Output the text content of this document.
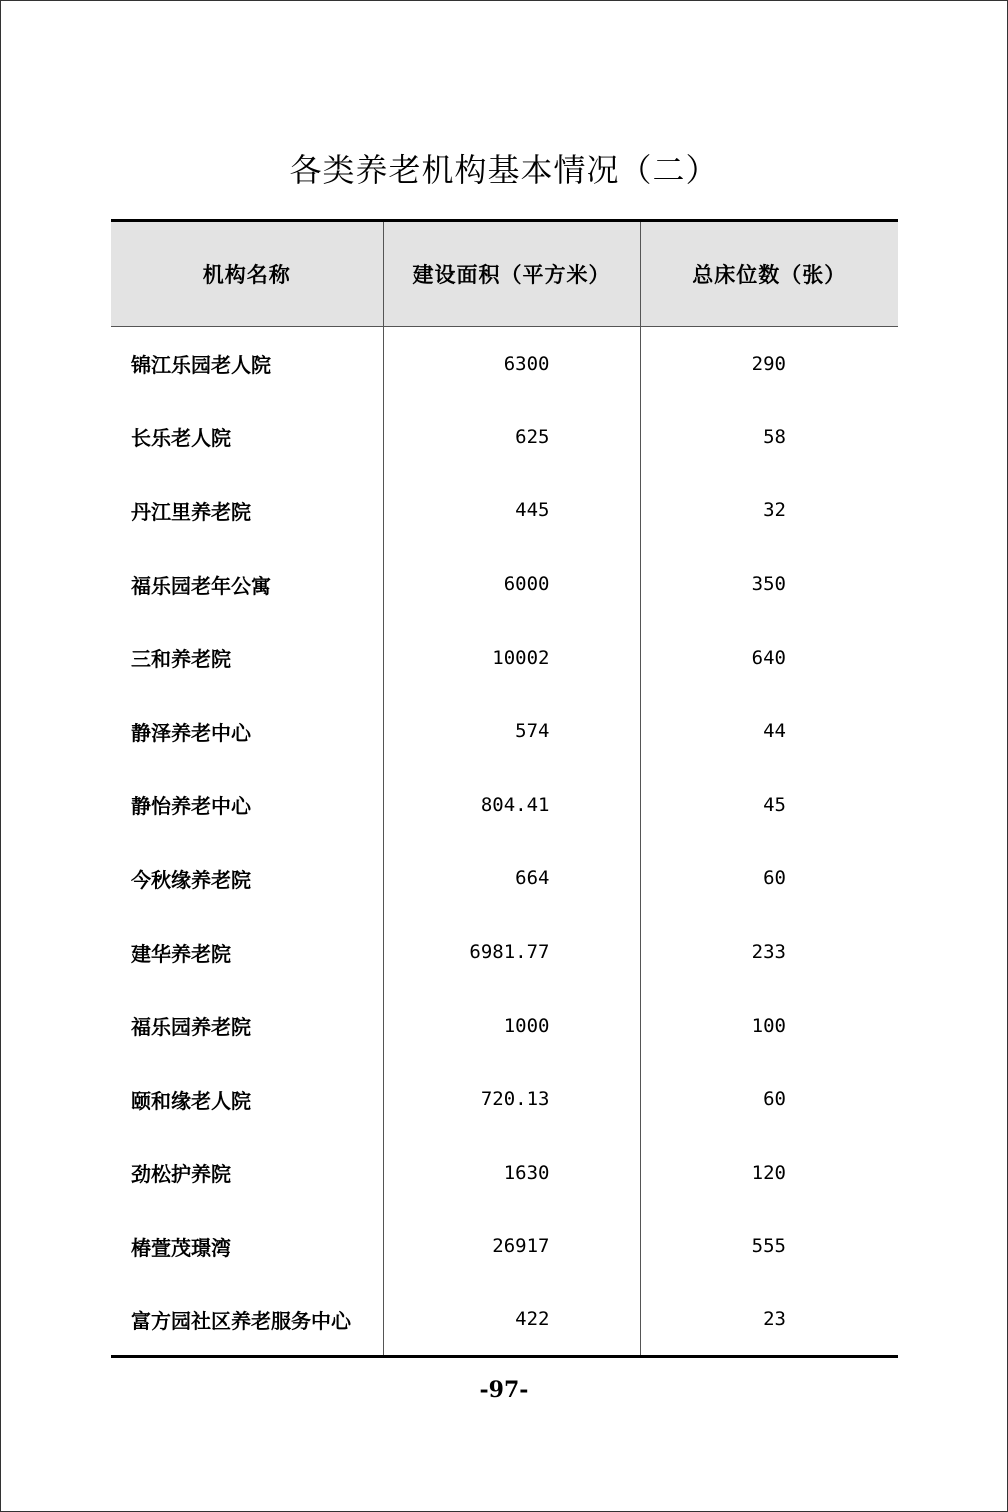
各类养老机构基本情况（二）
机构名称	建设面积（平方米）	总床位数（张）
锦江乐园老人院	6300	290
长乐老人院	625	58
丹江里养老院	445	32
福乐园老年公寓	6000	350
三和养老院	10002	640
静泽养老中心	574	44
静怡养老中心	804.41	45
今秋缘养老院	664	60
建华养老院	6981.77	233
福乐园养老院	1000	100
颐和缘老人院	720.13	60
劲松护养院	1630	120
椿萱茂璟湾	26917	555
富方园社区养老服务中心	422	23
-97-
